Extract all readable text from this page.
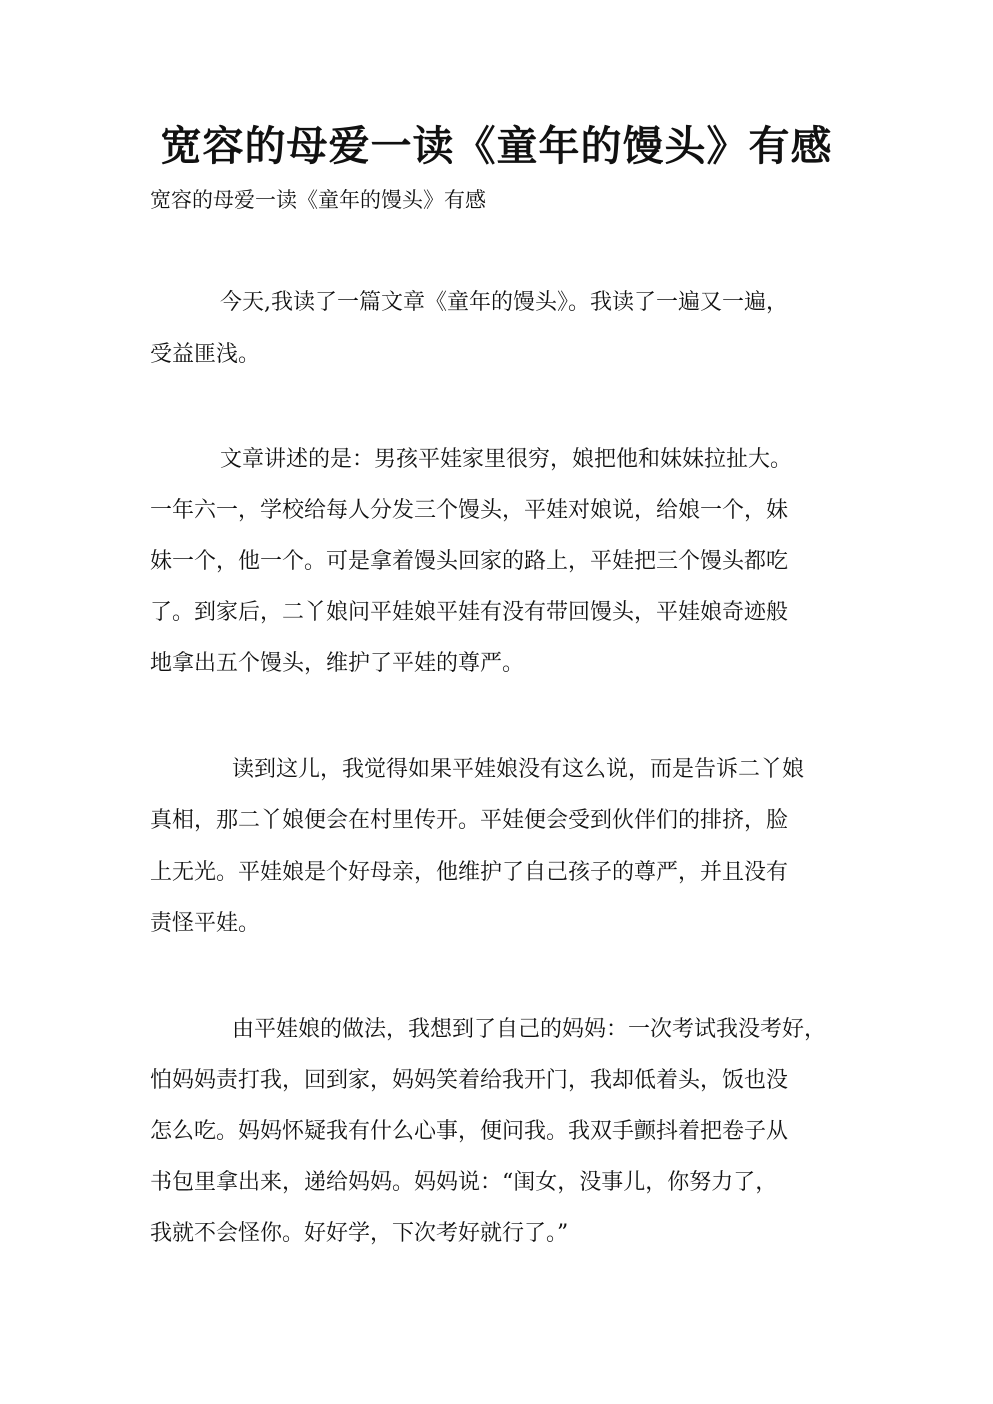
宽容的母爱一读《童年的馒头》有感
宽容的母爱一读《童年的馒头》有感
今天,我读了一篇文章《童年的馒头》。我读了一遍又一遍，
受益匪浅。
文章讲述的是：男孩平娃家里很穷，娘把他和妹妹拉扯大。
一年六一，学校给每人分发三个馒头，平娃对娘说，给娘一个，妹
妹一个，他一个。可是拿着馒头回家的路上，平娃把三个馒头都吃
了。到家后，二丫娘问平娃娘平娃有没有带回馒头，平娃娘奇迹般
地拿出五个馒头，维护了平娃的尊严。
读到这儿，我觉得如果平娃娘没有这么说，而是告诉二丫娘
真相，那二丫娘便会在村里传开。平娃便会受到伙伴们的排挤，脸
上无光。平娃娘是个好母亲，他维护了自己孩子的尊严，并且没有
责怪平娃。
由平娃娘的做法，我想到了自己的妈妈：一次考试我没考好，
怕妈妈责打我，回到家，妈妈笑着给我开门，我却低着头，饭也没
怎么吃。妈妈怀疑我有什么心事，便问我。我双手颤抖着把卷子从
书包里拿出来，递给妈妈。妈妈说：“闺女，没事儿，你努力了，
我就不会怪你。好好学，下次考好就行了。”
